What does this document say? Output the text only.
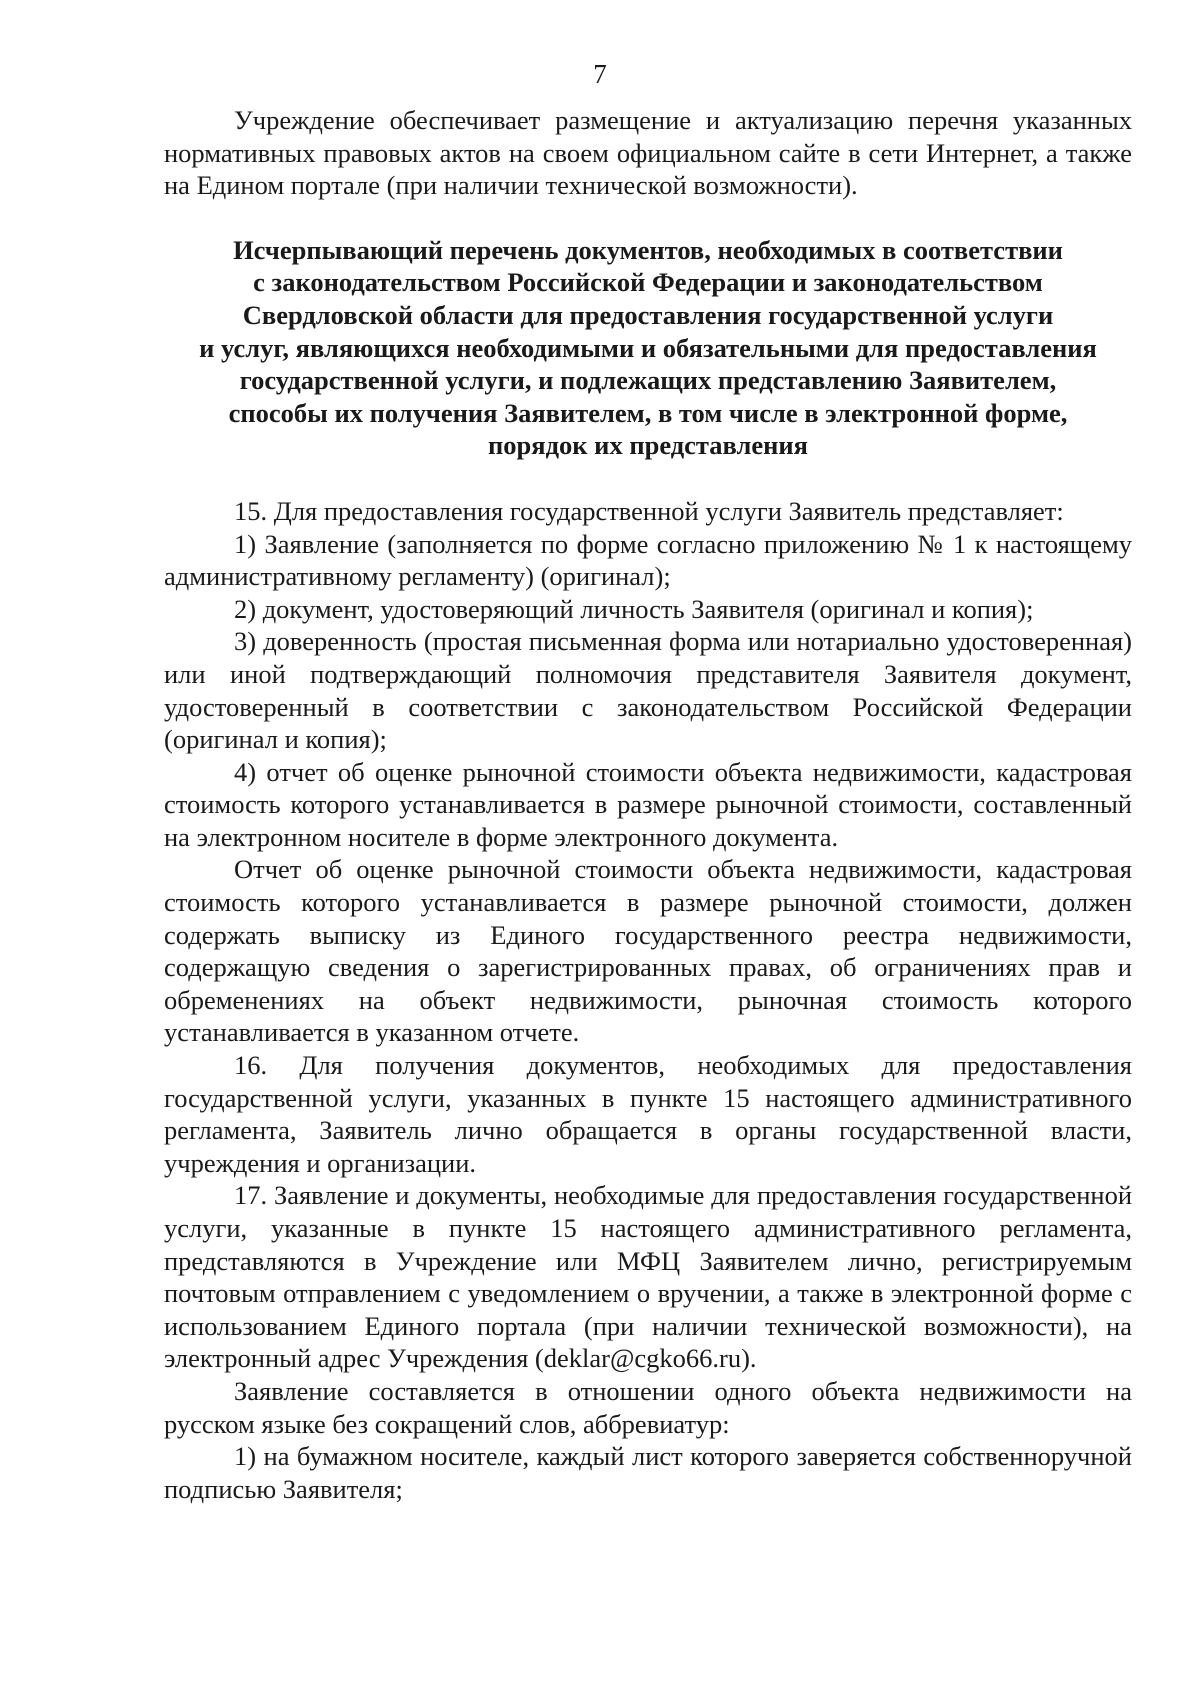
7

Учреждение обеспечивает размещение и актуализацию перечня указанных нормативных правовых актов на своем официальном сайте в сети Интернет, а также на Едином портале (при наличии технической возможности).

Исчерпывающий перечень документов, необходимых в соответствии
с законодательством Российской Федерации и законодательством
Свердловской области для предоставления государственной услуги
и услуг, являющихся необходимыми и обязательными для предоставления
государственной услуги, и подлежащих представлению Заявителем,
способы их получения Заявителем, в том числе в электронной форме,
порядок их представления

15. Для предоставления государственной услуги Заявитель представляет:

1) Заявление (заполняется по форме согласно приложению № 1 к настоящему административному регламенту) (оригинал);

2) документ, удостоверяющий личность Заявителя (оригинал и копия);

3) доверенность (простая письменная форма или нотариально удостоверенная) или иной подтверждающий полномочия представителя Заявителя документ, удостоверенный в соответствии с законодательством Российской Федерации (оригинал и копия);

4) отчет об оценке рыночной стоимости объекта недвижимости, кадастровая стоимость которого устанавливается в размере рыночной стоимости, составленный на электронном носителе в форме электронного документа.

Отчет об оценке рыночной стоимости объекта недвижимости, кадастровая стоимость которого устанавливается в размере рыночной стоимости, должен содержать выписку из Единого государственного реестра недвижимости, содержащую сведения о зарегистрированных правах, об ограничениях прав и обременениях на объект недвижимости, рыночная стоимость которого устанавливается в указанном отчете.

16. Для получения документов, необходимых для предоставления государственной услуги, указанных в пункте 15 настоящего административного регламента, Заявитель лично обращается в органы государственной власти, учреждения и организации.

17. Заявление и документы, необходимые для предоставления государственной услуги, указанные в пункте 15 настоящего административного регламента, представляются в Учреждение или МФЦ Заявителем лично, регистрируемым почтовым отправлением с уведомлением о вручении, а также в электронной форме с использованием Единого портала (при наличии технической возможности), на электронный адрес Учреждения (deklar@cgko66.ru).

Заявление составляется в отношении одного объекта недвижимости на русском языке без сокращений слов, аббревиатур:

1) на бумажном носителе, каждый лист которого заверяется собственноручной подписью Заявителя;
